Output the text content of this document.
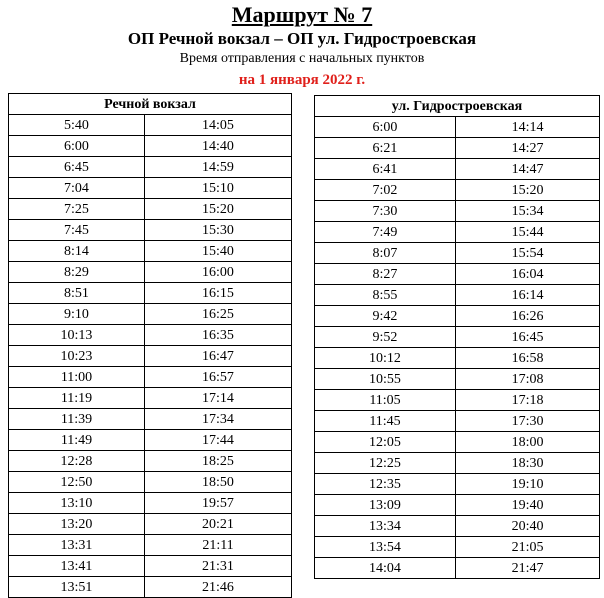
Маршрут № 7
ОП Речной вокзал – ОП ул. Гидростроевская
Время отправления с начальных пунктов
на 1 января 2022 г.
Речной вокзал	
5:40	14:05
6:00	14:40
6:45	14:59
7:04	15:10
7:25	15:20
7:45	15:30
8:14	15:40
8:29	16:00
8:51	16:15
9:10	16:25
10:13	16:35
10:23	16:47
11:00	16:57
11:19	17:14
11:39	17:34
11:49	17:44
12:28	18:25
12:50	18:50
13:10	19:57
13:20	20:21
13:31	21:11
13:41	21:31
13:51	21:46
ул. Гидростроевская	
6:00	14:14
6:21	14:27
6:41	14:47
7:02	15:20
7:30	15:34
7:49	15:44
8:07	15:54
8:27	16:04
8:55	16:14
9:42	16:26
9:52	16:45
10:12	16:58
10:55	17:08
11:05	17:18
11:45	17:30
12:05	18:00
12:25	18:30
12:35	19:10
13:09	19:40
13:34	20:40
13:54	21:05
14:04	21:47
